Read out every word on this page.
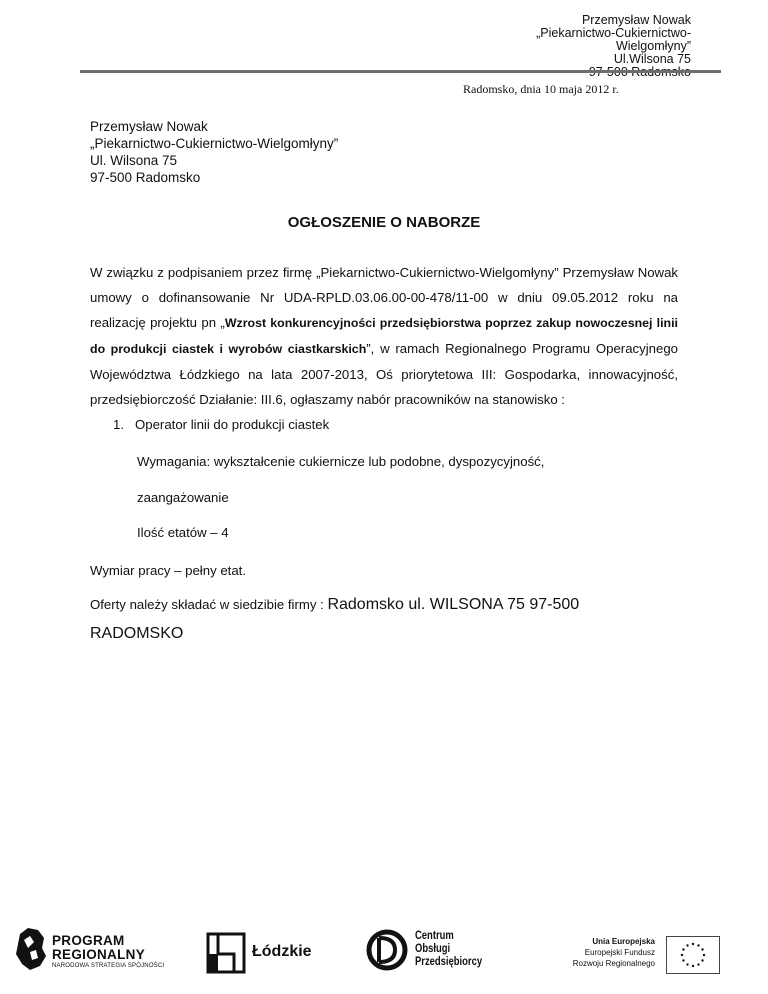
Przemysław Nowak
„Piekarnictwo-Cukiernictwo-
Wielgomłyny”
Ul.Wilsona 75
Radomsko, dnia 10 maja 2012 r.
Przemysław Nowak
„Piekarnictwo-Cukiernictwo-Wielgomłyny”
Ul. Wilsona 75
97-500 Radomsko
OGŁOSZENIE O NABORZE
W związku z podpisaniem przez firmę „Piekarnictwo-Cukiernictwo-Wielgomłyny” Przemysław Nowak umowy o dofinansowanie Nr UDA-RPLD.03.06.00-00-478/11-00 w dniu 09.05.2012 roku na realizację projektu pn „Wzrost konkurencyjności przedsiębiorstwa poprzez zakup nowoczesnej linii do produkcji ciastek i wyrobów ciastkarskich”, w ramach Regionalnego Programu Operacyjnego Województwa Łódzkiego na lata 2007-2013, Oś priorytetowa III: Gospodarka, innowacyjność, przedsiębiorczość Działanie: III.6, ogłaszamy nabór pracowników na stanowisko :
1. Operator linii do produkcji ciastek
Wymagania: wykształcenie cukiernicze lub podobne, dyspozycyjność,
zaangażowanie
Ilość etatów – 4
Wymiar pracy – pełny etat.
Oferty należy składać w siedzibie firmy : Radomsko ul. WILSONA 75 97-500
RADOMSKO
PROGRAM
REGIONALNY
NARODOWA STRATEGIA SPÓJNOŚCI
Łódzkie
Centrum
Obsługi
Przedsiębiorcy
Unia Europejska
Europejski Fundusz
Rozwoju Regionalnego
